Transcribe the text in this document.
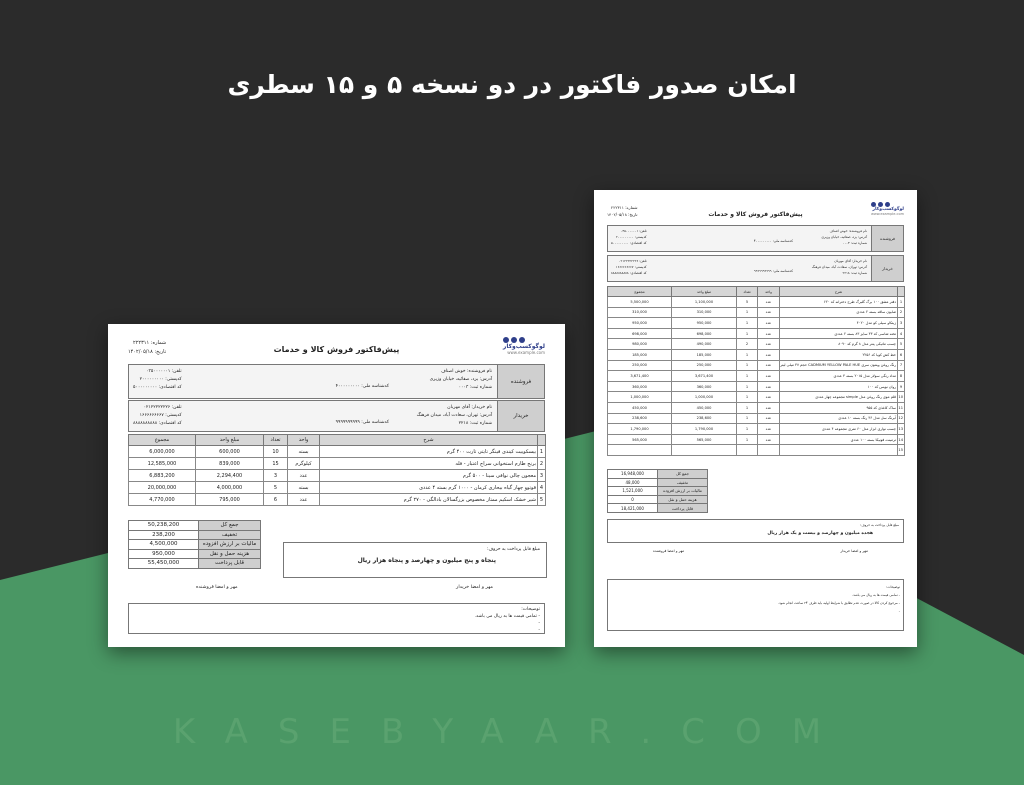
امکان صدور فاکتور در دو نسخه ۵ و ۱۵ سطری
KASEBYAAR.COM
لوگوکسب‌وکار
www.example.com
پیش‌فاکتور فروش کالا و خدمات
شماره: ۲۲۲۳۱۱
تاریخ: ۱۴۰۲/۰۵/۱۸
فروشنده
نام فروشنده: خوش اصناف
آدرس: یزد، صفائیه، خیابان وزیری
شماره ثبت: ۰۰۰۳
کدشناسه ملی: ۴۰۰۰۰۰۰۰۰۰
تلفن: ۰۳۵۰۰۰۰۰۰۱
کدپستی: ۲۰۰۰۰۰۰۰۰۰
کد اقتصادی: ۵۰۰۰۰۰۰۰۰۰
خریدار
نام خریدار: آقای مهربان
آدرس: تهران، سعادت آباد، میدان فرهنگ
شماره ثبت: ۲۲۱۸
کدشناسه ملی: ۹۹۹۹۹۹۹۹۹۹
تلفن: ۰۲۱۲۲۲۲۲۲۲۶
کدپستی: ۱۶۶۶۶۶۶۶۶۷
کد اقتصادی: ۸۸۸۸۸۸۸۸۸۸
	شرح	واحد	تعداد	مبلغ واحد	مجموع
1	بیسکوییت کیندی فینگر تایتی تارت ۴۰۰ گرم	بسته	10	600,000	6,000,000
2	برنج طارم استخوانی سراج اعتبار - فله	کیلوگرم	15	839,000	12,585,000
3	معجون چالی نوافی سینا - ۵۰۰ گرم	عدد	3	2,294,400	6,883,200
4	قوتوو چهار گیاه بیحاری کرمان - ۱۰۰۰ گرم بسته ۴ عددی	بسته	5	4,000,000	20,000,000
5	شیر خشک اسکیم ممتاز مخصوص بزرگسالان بادالگی - ۲۷۰ گرم	عدد	6	795,000	4,770,000
جمع کل	50,238,200
تخفیف	238,200
مالیات بر ارزش افزوده	4,500,000
هزینه حمل و نقل	950,000
قابل پرداخت	55,450,000
مبلغ قابل پرداخت به حروف:
پنجاه و پنج میلیون و چهارصد و پنجاه هزار ریال
مهر و امضا فروشنده	مهر و امضا خریدار
توضیحات:
- تمامی قیمت ها به ریال می باشد.
-
-
لوگوکسب‌وکار
www.example.com
پیش‌فاکتور فروش کالا و خدمات
شماره: ۲۲۲۳۱۱
تاریخ: ۱۴۰۲/۰۵/۱۸
فروشنده
نام فروشنده: خوش اصناف
آدرس: یزد، صفائیه، خیابان وزیری
شماره ثبت: ۰۰۰۳
کدشناسه ملی: ۴۰۰۰۰۰۰۰۰۰
تلفن: ۰۳۵۰۰۰۰۰۰۱
کدپستی: ۲۰۰۰۰۰۰۰۰۰
کد اقتصادی: ۵۰۰۰۰۰۰۰۰۰
خریدار
نام خریدار: آقای مهربان
آدرس: تهران، سعادت آباد، میدان فرهنگ
شماره ثبت: ۲۲۱۸
کدشناسه ملی: ۹۹۹۹۹۹۹۹۹۹
تلفن: ۰۲۱۲۲۲۲۲۲۲۶
کدپستی: ۱۶۶۶۶۶۶۶۶۷
کد اقتصادی: ۸۸۸۸۸۸۸۸۸۸
	شرح	واحد	تعداد	مبلغ واحد	مجموع
1	دفتر مشق ۱۰۰ برگ گلبرگ طرح دخترانه کد ۶۲۰	عدد	5	1,100,000	5,500,000
2	صابون ساقه بسته ۲ عددی	عدد	1	310,000	310,000
3	زیتکاو سیلی کو مدل ۴۰۲۰	عدد	1	950,000	950,000
4	تخته شاسی کد ۳۳ سایز ۸۳ بسته ۲ عددی	عدد	1	698,000	698,000
5	چسب ماتیکی پنتر مدل ۸ گرم کد ۸۰۹۰	عدد	2	490,000	980,000
6	خط کش کوبا کد ۲۲۵۶	عدد	1	185,000	185,000
7	رنگ روغن وینتون سری CADMIUM YELLOW PALE HUE حجم ۳۷ میلی لیتر	عدد	1	250,000	250,000
8	مداد رنگی سولار مدل ۲۰۱۵ بسته ۳ عددی	عدد	1	3,671,400	3,671,400
9	روان نویس کد ۱۰۰	عدد	1	360,000	360,000
10	قلم موی رنگ روغن مدل simple مجموعه چهار عددی	عدد	1	1,000,000	1,000,000
11	ساک کاغذی کد ۹۵۵	عدد	1	450,000	450,000
12	آبرنگ سل مدل ۳۶ رنگ بسته ۱۰ عددی	عدد	1	238,600	238,600
13	چسب نواری ابزار مدل ۶۰ متری مجموعه ۴ عددی	عدد	1	1,790,000	1,790,000
14	ترمینت فونیکا بسته ۱۰۰ عددی	عدد	1	565,000	565,000
15					
جمع کل	16,948,000
تخفیف	48,000
مالیات بر ارزش افزوده	1,521,000
هزینه حمل و نقل	0
قابل پرداخت	18,421,000
مبلغ قابل پرداخت به حروف:
هجده میلیون و چهارصد و بیست و یک هزار ریال
مهر و امضا فروشنده	مهر و امضا خریدار
توضیحات:
- تمامی قیمت ها به ریال می باشد.
- مرجوع کردن کالا در صورت عدم تطابق با شرایط اولیه باید ظرف ۲۴ ساعت انجام شود.
-
